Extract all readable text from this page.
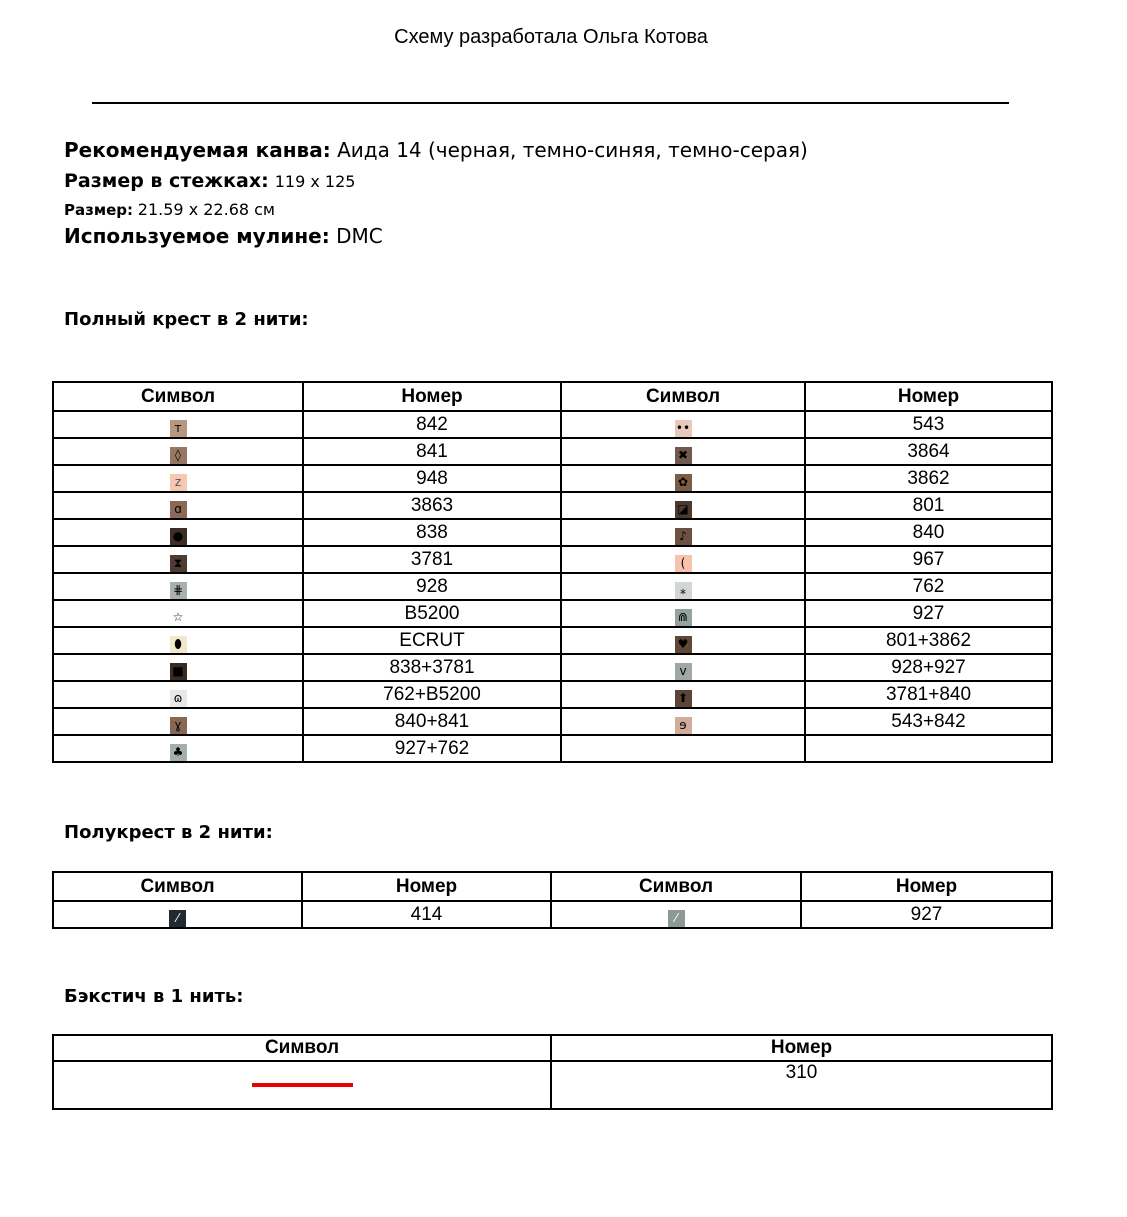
Схему разработала Ольга Котова
Рекомендуемая канва: Аида 14 (черная, темно-синяя, темно-серая)
Размер в стежках: 119 x 125
Размер: 21.59 x 22.68 см
Используемое мулине: DMC
Полный крест в 2 нити:
Символ	Номер	Символ	Номер
т	842	••	543
◊	841	✖	3864
z	948	✿	3862
ɑ	3863	◪	801
●	838	♪	840
⧗	3781	(	967
⋕	928	⁎	762
☆	B5200	⋒	927
⬮	ECRUT	♥	801+3862
■	838+3781	v	928+927
ɷ	762+B5200	⬆	3781+840
ɣ	840+841	ɘ	543+842
♣	927+762		
Полукрест в 2 нити:
Символ	Номер	Символ	Номер
⁄	414	⁄	927
Бэкстич в 1 нить:
Символ	Номер
	310
